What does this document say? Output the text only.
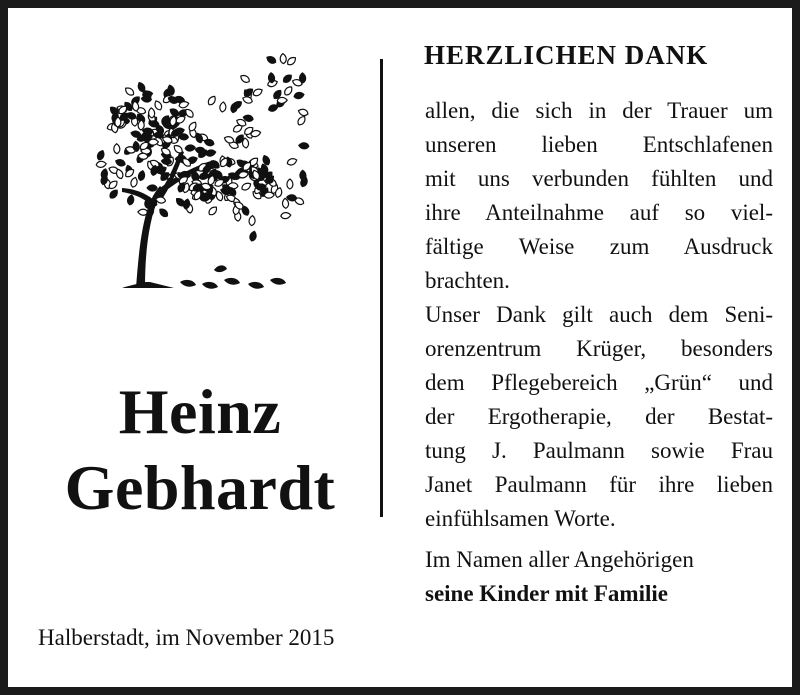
Heinz
Gebhardt
HERZLICHEN DANK
allen, die sich in der Trauer um
unseren lieben Entschlafenen
mit uns verbunden fühlten und
ihre Anteilnahme auf so viel-
fältige Weise zum Ausdruck
brachten.
Unser Dank gilt auch dem Seni-
orenzentrum Krüger, besonders
dem Pflegebereich „Grün“ und
der Ergotherapie, der Bestat-
tung J. Paulmann sowie Frau
Janet Paulmann für ihre lieben
einfühlsamen Worte.
Im Namen aller Angehörigen
seine Kinder mit Familie
Halberstadt, im November 2015
